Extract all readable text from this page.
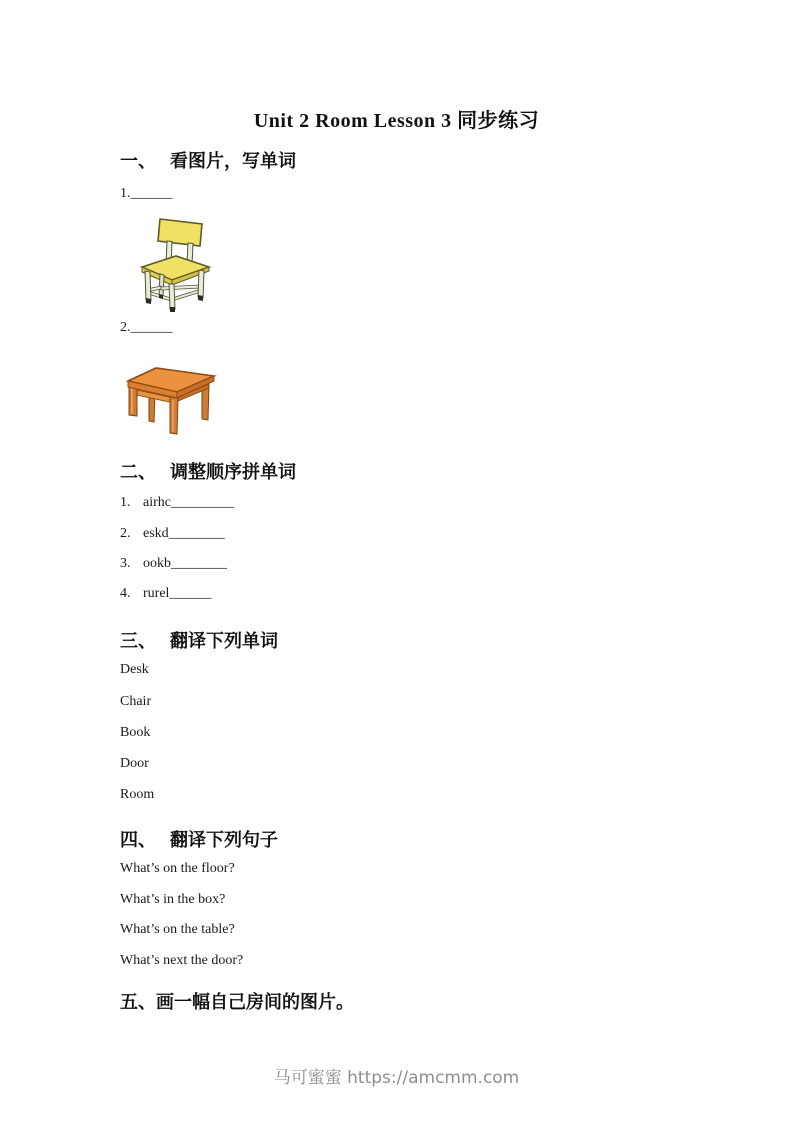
Unit 2 Room Lesson 3 同步练习
一、 看图片，写单词
1.______
2.______
二、 调整顺序拼单词
1. airhc_________
2. eskd________
3. ookb________
4. rurel______
三、 翻译下列单词
Desk
Chair
Book
Door
Room
四、 翻译下列句子
What’s on the floor?
What’s in the box?
What’s on the table?
What’s next the door?
五、画一幅自己房间的图片。
马可蜜蜜 https://amcmm.com
